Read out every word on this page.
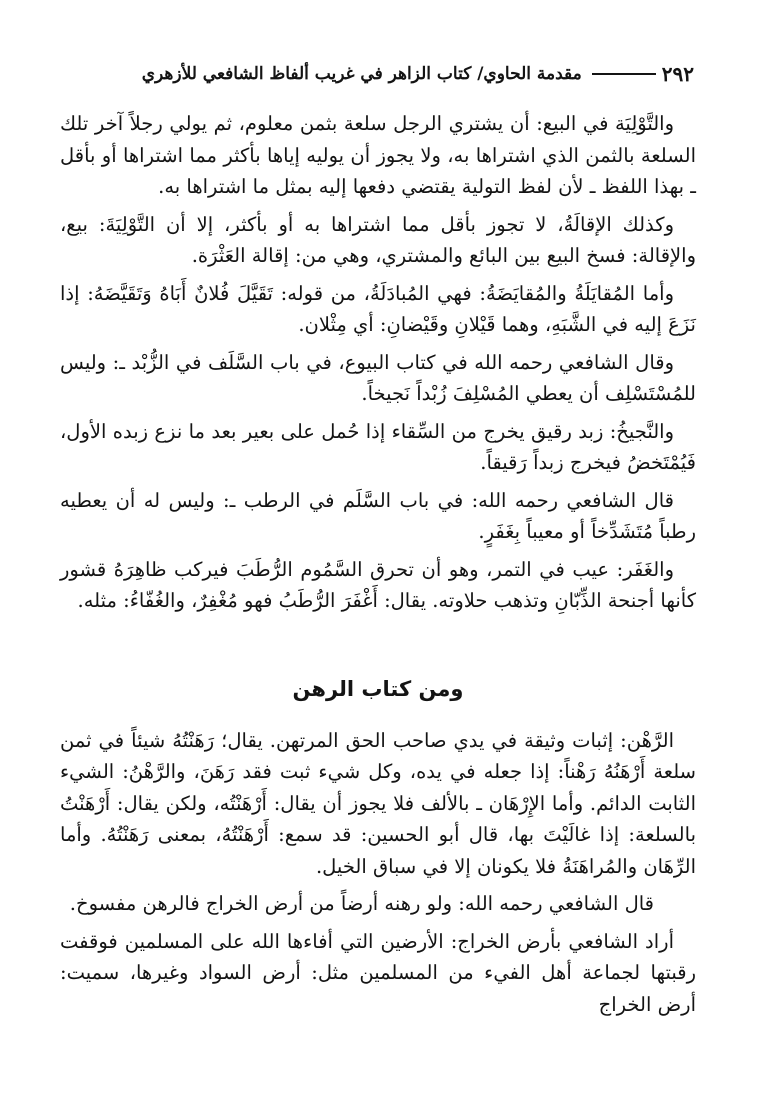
٢٩٢
مقدمة الحاوي/ كتاب الزاهر في غريب ألفاظ الشافعي للأزهري

والتَّوْلِيَة في البيع: أن يشتري الرجل سلعة بثمن معلوم، ثم يولي رجلاً آخر تلك السلعة بالثمن الذي اشتراها به، ولا يجوز أن يوليه إياها بأكثر مما اشتراها أو بأقل ـ بهذا اللفظ ـ لأن لفظ التولية يقتضي دفعها إليه بمثل ما اشتراها به.

وكذلك الإقالَةُ، لا تجوز بأقل مما اشتراها به أو بأكثر، إلا أن التَّوْلِيَةَ: بيع، والإقالة: فسخ البيع بين البائع والمشتري، وهي من: إقالة العَثْرَة.

وأما المُقايَلَةُ والمُقايَضَةُ: فهي المُبادَلَةُ، من قوله: تَقَيَّلَ فُلانٌ أَبَاهُ وَتَقَيَّضَهُ: إذا نَزَعَ إليه في الشَّبَهِ، وهما قَيْلانِ وقَيْضانِ: أي مِثْلان.

وقال الشافعي رحمه الله في كتاب البيوع، في باب السَّلَف في الزُّبْد ـ: وليس للمُسْتَسْلِف أن يعطي المُسْلِفَ زُبْداً نَجيخاً.

والنَّجيخُ: زبد رقيق يخرج من السِّقاء إذا حُمل على بعير بعد ما نزع زبده الأول، فَيُمْتَخضُ فيخرج زبداً رَقيقاً.

قال الشافعي رحمه الله: في باب السَّلَم في الرطب ـ: وليس له أن يعطيه رطباً مُتَشَدِّخاً أو معيباً بِغَفَرٍ.

والغَفَر: عيب في التمر، وهو أن تحرق السَّمُوم الرُّطَبَ فيركب ظاهِرَهُ قشور كأنها أجنحة الذِّبّانِ وتذهب حلاوته. يقال: أَغْفَرَ الرُّطَبُ فهو مُغْفِرٌ، والغُفّاءُ: مثله.

ومن كتاب الرهن

الرَّهْن: إثبات وثيقة في يدي صاحب الحق المرتهن. يقال؛ رَهَنْتُهُ شيئاً في ثمن سلعة أَرْهَنُهُ رَهْناً: إذا جعله في يده، وكل شيء ثبت فقد رَهَنَ، والرَّهْنُ: الشيء الثابت الدائم. وأما الإِرْهَان ـ بالألف فلا يجوز أن يقال: أَرْهَنْتُه، ولكن يقال: أَرْهَنْتُ بالسلعة: إذا غالَيْتَ بها، قال أبو الحسين: قد سمع: أَرْهَنْتُهُ، بمعنى رَهَنْتُهُ. وأما الرِّهَان والمُراهَنَةُ فلا يكونان إلا في سباق الخيل.

قال الشافعي رحمه الله: ولو رهنه أرضاً من أرض الخراج فالرهن مفسوخ.

أراد الشافعي بأرض الخراج: الأرضين التي أفاءها الله على المسلمين فوقفت رقبتها لجماعة أهل الفيء من المسلمين مثل: أرض السواد وغيرها، سميت: أرض الخراج
